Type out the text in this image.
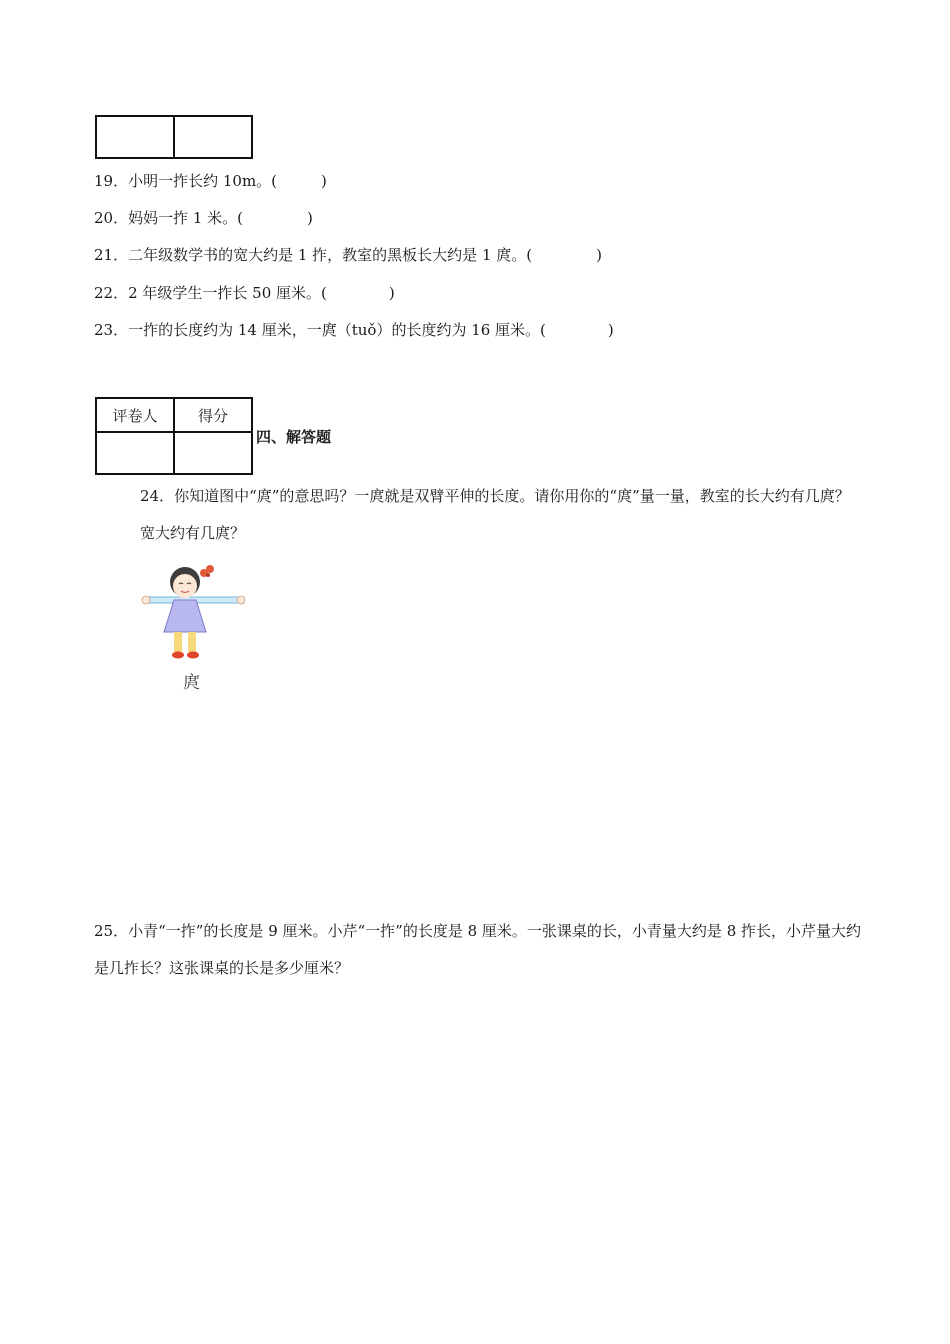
19．小明一拃长约 10m。(	)
20．妈妈一拃 1 米。(	)
21．二年级数学书的宽大约是 1 拃，教室的黑板长大约是 1 庹。(	)
22．2 年级学生一拃长 50 厘米。(	)
23．一拃的长度约为 14 厘米，一庹（tuǒ）的长度约为 16 厘米。(	)
评卷人	得分

四、解答题
24．你知道图中“庹”的意思吗？一庹就是双臂平伸的长度。请你用你的“庹”量一量，教室的长大约有几庹？宽大约有几庹？
庹
25．小青“一拃”的长度是 9 厘米。小芹“一拃”的长度是 8 厘米。一张课桌的长，小青量大约是 8 拃长，小芹量大约是几拃长？这张课桌的长是多少厘米？
